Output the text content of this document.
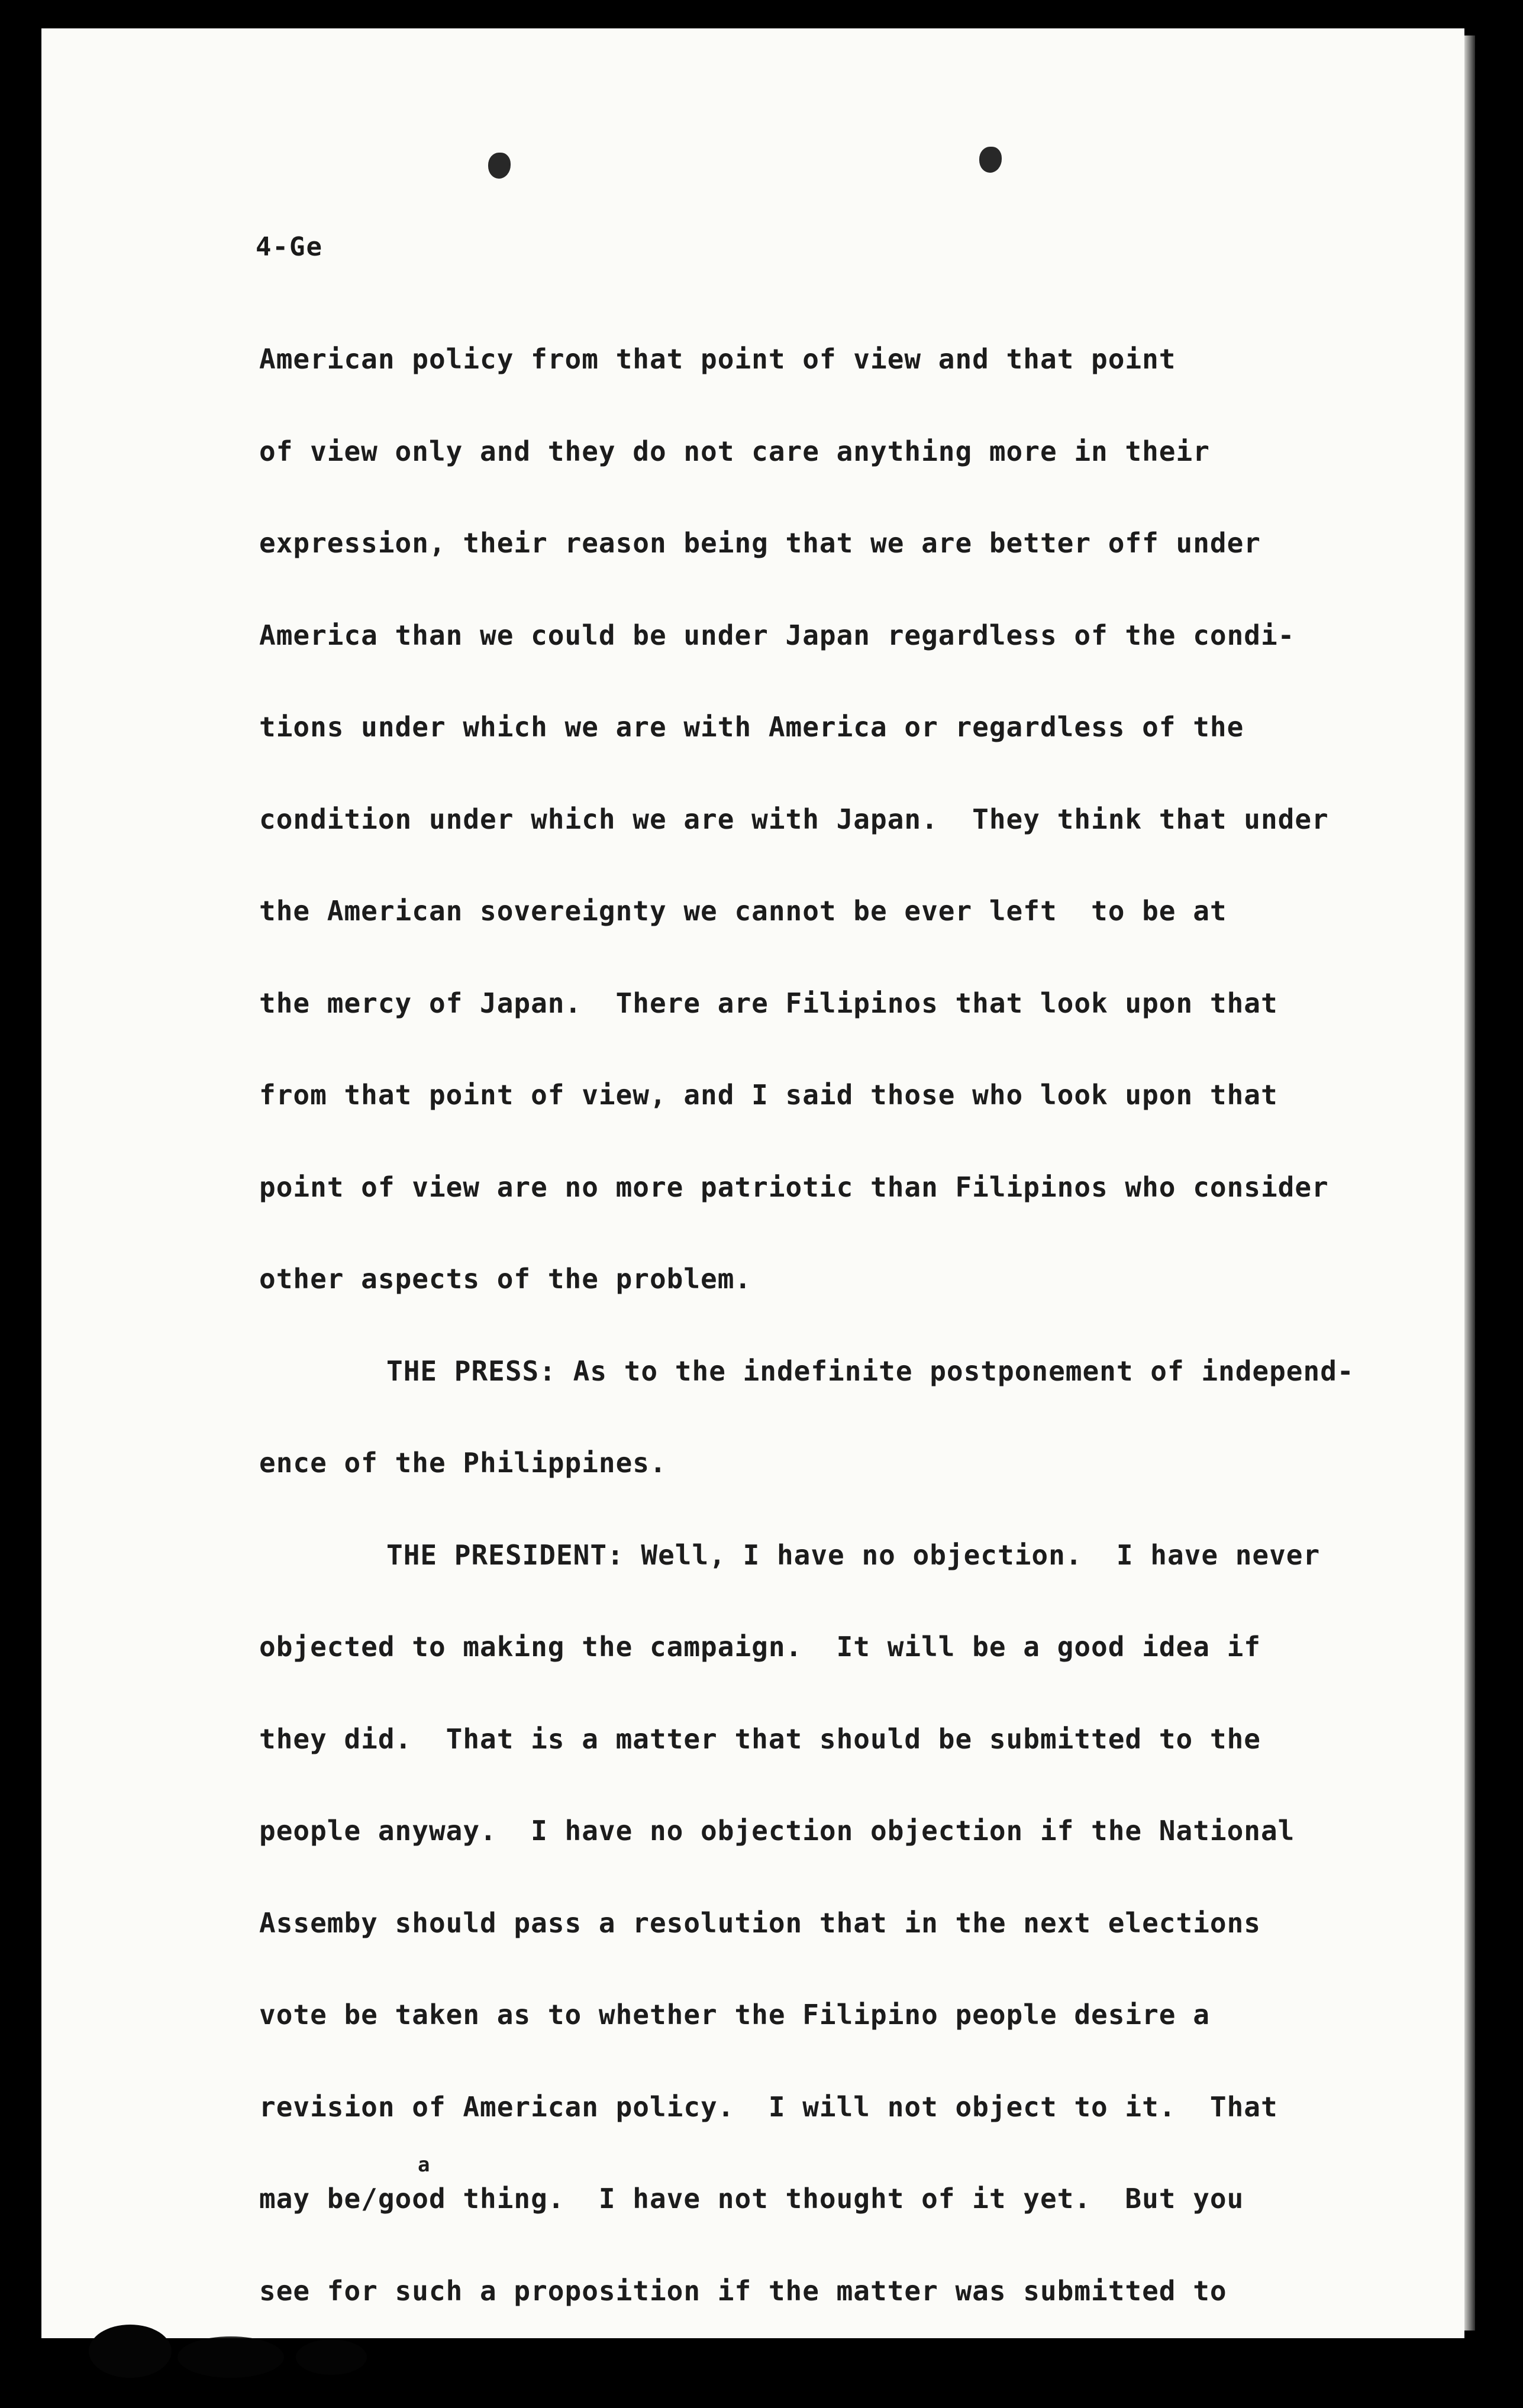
4-Ge
American policy from that point of view and that point
of view only and they do not care anything more in their
expression, their reason being that we are better off under
America than we could be under Japan regardless of the condi-
tions under which we are with America or regardless of the
condition under which we are with Japan.  They think that under
the American sovereignty we cannot be ever left  to be at
the mercy of Japan.  There are Filipinos that look upon that
from that point of view, and I said those who look upon that
point of view are no more patriotic than Filipinos who consider
other aspects of the problem.
THE PRESS: As to the indefinite postponement of independ-
ence of the Philippines.
THE PRESIDENT: Well, I have no objection.  I have never
objected to making the campaign.  It will be a good idea if
they did.  That is a matter that should be submitted to the
people anyway.  I have no objection objection if the National
Assemby should pass a resolution that in the next elections
vote be taken as to whether the Filipino people desire a
revision of American policy.  I will not object to it.  That
may be/good thing.  I have not thought of it yet.  But you
see for such a proposition if the matter was submitted to
a
